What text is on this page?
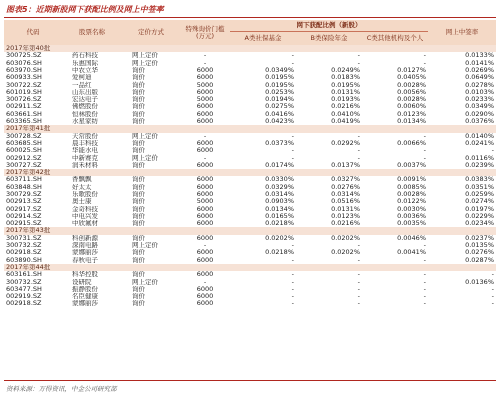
图表5：近期新股网下获配比例及网上中签率
代码	股票名称	定价方式	特殊询价门槛(万元)	网下获配比例（新股）			网上中签率
				A类社保基金	B类保险年金	C类其他机构及个人	
2017年第40批							
300725.SZ	药石科技	网上定价	-	-	-	-	0.0133%
603076.SH	乐惠国际	网上定价	-	-	-	-	0.0141%
603970.SH	中农立华	询价	6000	0.0349%	0.0249%	0.0127%	0.0269%
600933.SH	爱柯迪	询价	6000	0.0195%	0.0183%	0.0405%	0.0649%
300722.SZ	一品红	询价	5000	0.0195%	0.0195%	0.0028%	0.0278%
601019.SH	山东出版	询价	6000	0.0253%	0.0131%	0.0056%	0.0103%
300726.SZ	宏达电子	询价	5000	0.0194%	0.0193%	0.0028%	0.0233%
002911.SZ	佛燃股份	询价	6000	0.0275%	0.0216%	0.0060%	0.0349%
603661.SH	恒林股份	询价	6000	0.0416%	0.0410%	0.0123%	0.0290%
603365.SH	水星家纺	询价	6000	0.0423%	0.0419%	0.0134%	0.0376%
2017年第41批							
300728.SZ	天常股份	网上定价	-	-	-	-	0.0140%
603685.SH	晨丰科技	询价	6000	0.0373%	0.0292%	0.0066%	0.0241%
600025.SH	华能水电	询价	6000	-	-	-	-
002912.SZ	中新赛克	网上定价	-	-	-	-	0.0116%
300727.SZ	润禾材料	询价	6000	0.0174%	0.0137%	0.0037%	0.0239%
2017年第42批							
603711.SH	香飘飘	询价	6000	0.0330%	0.0327%	0.0091%	0.0383%
603848.SH	好太太	询价	6000	0.0329%	0.0276%	0.0085%	0.0351%
300729.SZ	乐歌股份	询价	6000	0.0314%	0.0314%	0.0028%	0.0259%
002913.SZ	奥士康	询价	5000	0.0903%	0.0516%	0.0122%	0.0274%
002917.SZ	金奇科技	询价	6000	0.0134%	0.0131%	0.0030%	0.0197%
002914.SZ	中电兴发	询价	6000	0.0165%	0.0123%	0.0036%	0.0229%
002915.SZ	中欣氟材	询价	6000	0.0218%	0.0216%	0.0035%	0.0234%
2017年第43批							
300731.SZ	科创新源	询价	6000	0.0202%	0.0202%	0.0046%	0.0237%
300732.SZ	深南电路	网上定价	-	-	-	-	0.0135%
002918.SZ	蒙娜丽莎	询价	6000	0.0218%	0.0202%	0.0041%	0.0276%
603890.SH	春秋电子	询价	6000	-	-	-	0.0287%
2017年第44批							
603161.SH	科华控股	询价	6000	-	-	-	-
300732.SZ	设研院	网上定价	-	-	-	-	0.0136%
603477.SH	振静股份	询价	6000	-	-	-	-
002919.SZ	名臣健康	询价	6000	-	-	-	-
002918.SZ	蒙娜丽莎	询价	6000	-	-	-	-
资料来源：万得资讯，中金公司研究部
